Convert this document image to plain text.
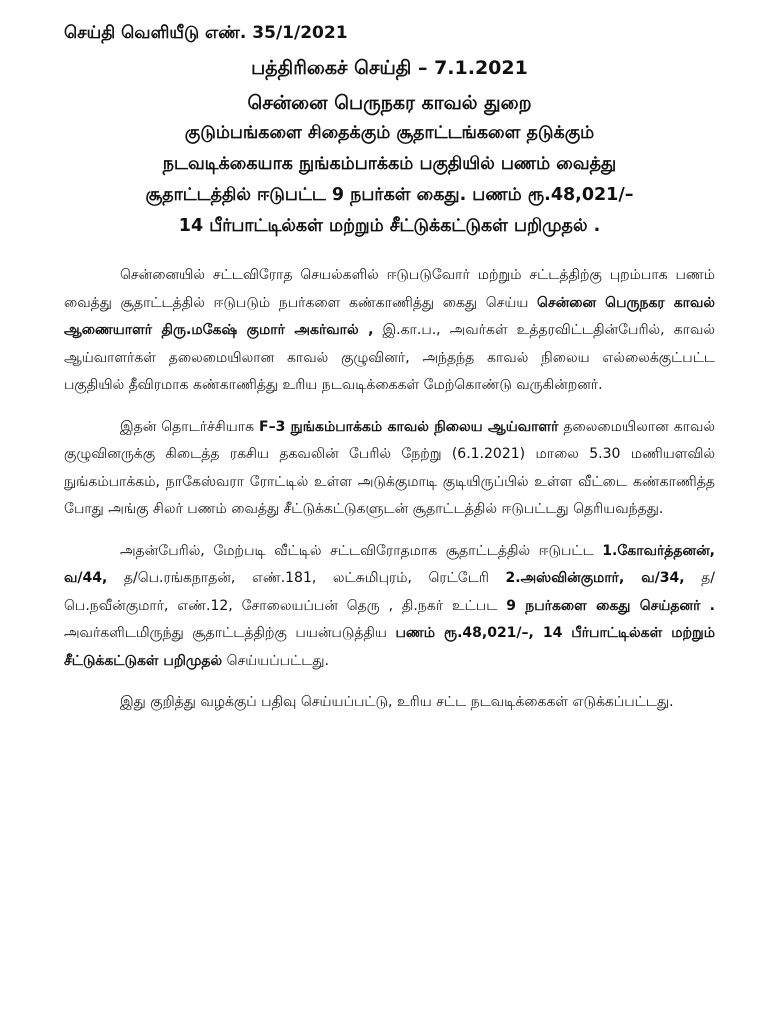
செய்தி வெளியீடு எண். 35/1/2021
பத்திரிகைச் செய்தி – 7.1.2021
சென்னை பெருநகர காவல் துறை
குடும்பங்களை சிதைக்கும் சூதாட்டங்களை தடுக்கும்
நடவடிக்கையாக நுங்கம்பாக்கம் பகுதியில் பணம் வைத்து
சூதாட்டத்தில் ஈடுபட்ட 9 நபர்கள் கைது. பணம் ரூ.48,021/–
14 பீர்பாட்டில்கள் மற்றும் சீட்டுக்கட்டுகள் பறிமுதல் .

சென்னையில் சட்டவிரோத செயல்களில் ஈடுபடுவோர் மற்றும் சட்டத்திற்கு புறம்பாக பணம் வைத்து சூதாட்டத்தில் ஈடுபடும் நபர்களை கண்காணித்து கைது செய்ய சென்னை பெருநகர காவல் ஆணையாளர் திரு.மகேஷ் குமார் அகர்வால் , இ.கா.ப., அவர்கள் உத்தரவிட்டதின்பேரில், காவல் ஆய்வாளர்கள் தலைமையிலான காவல் குழுவினர், அந்தந்த காவல் நிலைய எல்லைக்குட்பட்ட பகுதியில் தீவிரமாக கண்காணித்து உரிய நடவடிக்கைகள் மேற்கொண்டு வருகின்றனர்.

இதன் தொடர்ச்சியாக F–3 நுங்கம்பாக்கம் காவல் நிலைய ஆய்வாளர் தலைமையிலான காவல் குழுவினருக்கு கிடைத்த ரகசிய தகவலின் பேரில் நேற்று (6.1.2021) மாலை 5.30 மணியளவில் நுங்கம்பாக்கம், நாகேஸ்வரா ரோட்டில் உள்ள அடுக்குமாடி குடியிருப்பில் உள்ள வீட்டை கண்காணித்த போது அங்கு சிலர் பணம் வைத்து சீட்டுக்கட்டுகளுடன் சூதாட்டத்தில் ஈடுபட்டது தெரியவந்தது.

அதன்பேரில், மேற்படி வீட்டில் சட்டவிரோதமாக சூதாட்டத்தில் ஈடுபட்ட 1.கோவர்த்தனன், வ/44, த/பெ.ரங்கநாதன், எண்.181, லட்சுமிபுரம், ரெட்டேரி 2.அஸ்வின்குமார், வ/34, த/பெ.நவீன்குமார், எண்.12, சோலையப்பன் தெரு , தி.நகர் உட்பட 9 நபர்களை கைது செய்தனர் . அவர்களிடமிருந்து சூதாட்டத்திற்கு பயன்படுத்திய பணம் ரூ.48,021/–, 14 பீர்பாட்டில்கள் மற்றும் சீட்டுக்கட்டுகள் பறிமுதல் செய்யப்பட்டது.

இது குறித்து வழக்குப் பதிவு செய்யப்பட்டு, உரிய சட்ட நடவடிக்கைகள் எடுக்கப்பட்டது.
